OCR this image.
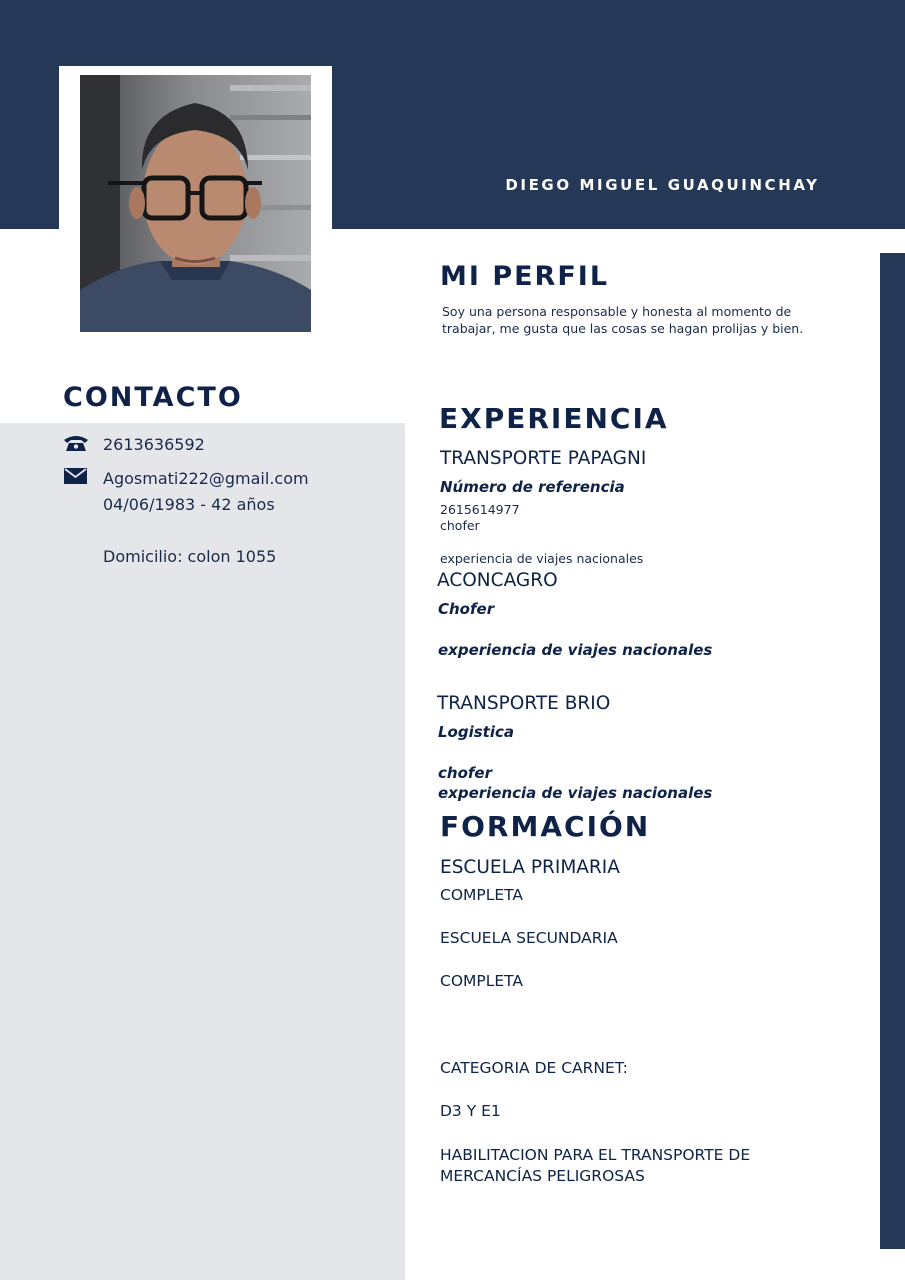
DIEGO MIGUEL GUAQUINCHAY
MI PERFIL

Soy una persona responsable y honesta al momento de

trabajar, me gusta que las cosas se hagan prolijas y bien.

CONTACTO

2613636592

Agosmati222@gmail.com

04/06/1983 - 42 años

Domicilio: colon 1055

EXPERIENCIA

TRANSPORTE PAPAGNI

Número de referencia

2615614977

chofer

experiencia de viajes nacionales

ACONCAGRO

Chofer

experiencia de viajes nacionales

TRANSPORTE BRIO

Logistica

chofer

experiencia de viajes nacionales

FORMACIÓN

ESCUELA PRIMARIA

COMPLETA

ESCUELA SECUNDARIA

COMPLETA

CATEGORIA DE CARNET:

D3 Y E1

HABILITACION PARA EL TRANSPORTE DE

MERCANCÍAS PELIGROSAS
